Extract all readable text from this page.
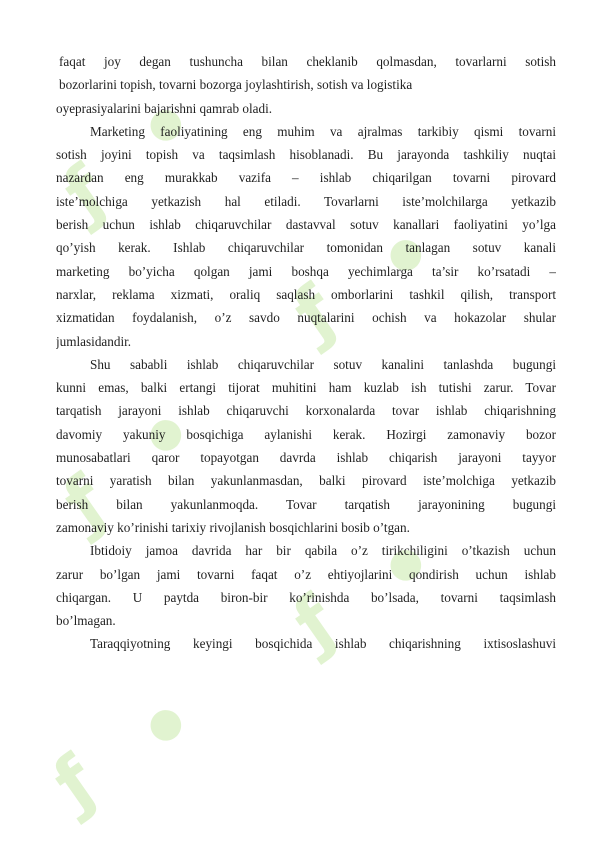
ƒ
●
ƒ
●
ƒ
●
ƒ
●
ƒ
●
faqat joy degan tushuncha bilan cheklanib qolmasdan, tovarlarni sotish
bozorlarini topish, tovarni bozorga joylashtirish, sotish va logistika
oyeprasiyalarini bajarishni qamrab oladi.
Marketing faoliyatining eng muhim va ajralmas tarkibiy qismi tovarni
sotish joyini topish va taqsimlash hisoblanadi. Bu jarayonda tashkiliy nuqtai
nazardan eng murakkab vazifa – ishlab chiqarilgan tovarni pirovard
iste’molchiga yetkazish hal etiladi. Tovarlarni iste’molchilarga yetkazib
berish uchun ishlab chiqaruvchilar dastavval sotuv kanallari faoliyatini yo’lga
qo’yish kerak. Ishlab chiqaruvchilar tomonidan tanlagan sotuv kanali
marketing bo’yicha qolgan jami boshqa yechimlarga ta’sir ko’rsatadi –
narxlar, reklama xizmati, oraliq saqlash omborlarini tashkil qilish, transport
xizmatidan foydalanish, o’z savdo nuqtalarini ochish va hokazolar shular
jumlasidandir.
Shu sababli ishlab chiqaruvchilar sotuv kanalini tanlashda bugungi
kunni emas, balki ertangi tijorat muhitini ham kuzlab ish tutishi zarur. Tovar
tarqatish jarayoni ishlab chiqaruvchi korxonalarda tovar ishlab chiqarishning
davomiy yakuniy bosqichiga aylanishi kerak. Hozirgi zamonaviy bozor
munosabatlari qaror topayotgan davrda ishlab chiqarish jarayoni tayyor
tovarni yaratish bilan yakunlanmasdan, balki pirovard iste’molchiga yetkazib
berish bilan yakunlanmoqda. Tovar tarqatish jarayonining bugungi
zamonaviy ko’rinishi tarixiy rivojlanish bosqichlarini bosib o’tgan.
Ibtidoiy jamoa davrida har bir qabila o’z tirikchiligini o’tkazish uchun
zarur bo’lgan jami tovarni faqat o’z ehtiyojlarini qondirish uchun ishlab
chiqargan. U paytda biron-bir ko’rinishda bo’lsada, tovarni taqsimlash
bo’lmagan.
Taraqqiyotning keyingi bosqichida ishlab chiqarishning ixtisoslashuvi
